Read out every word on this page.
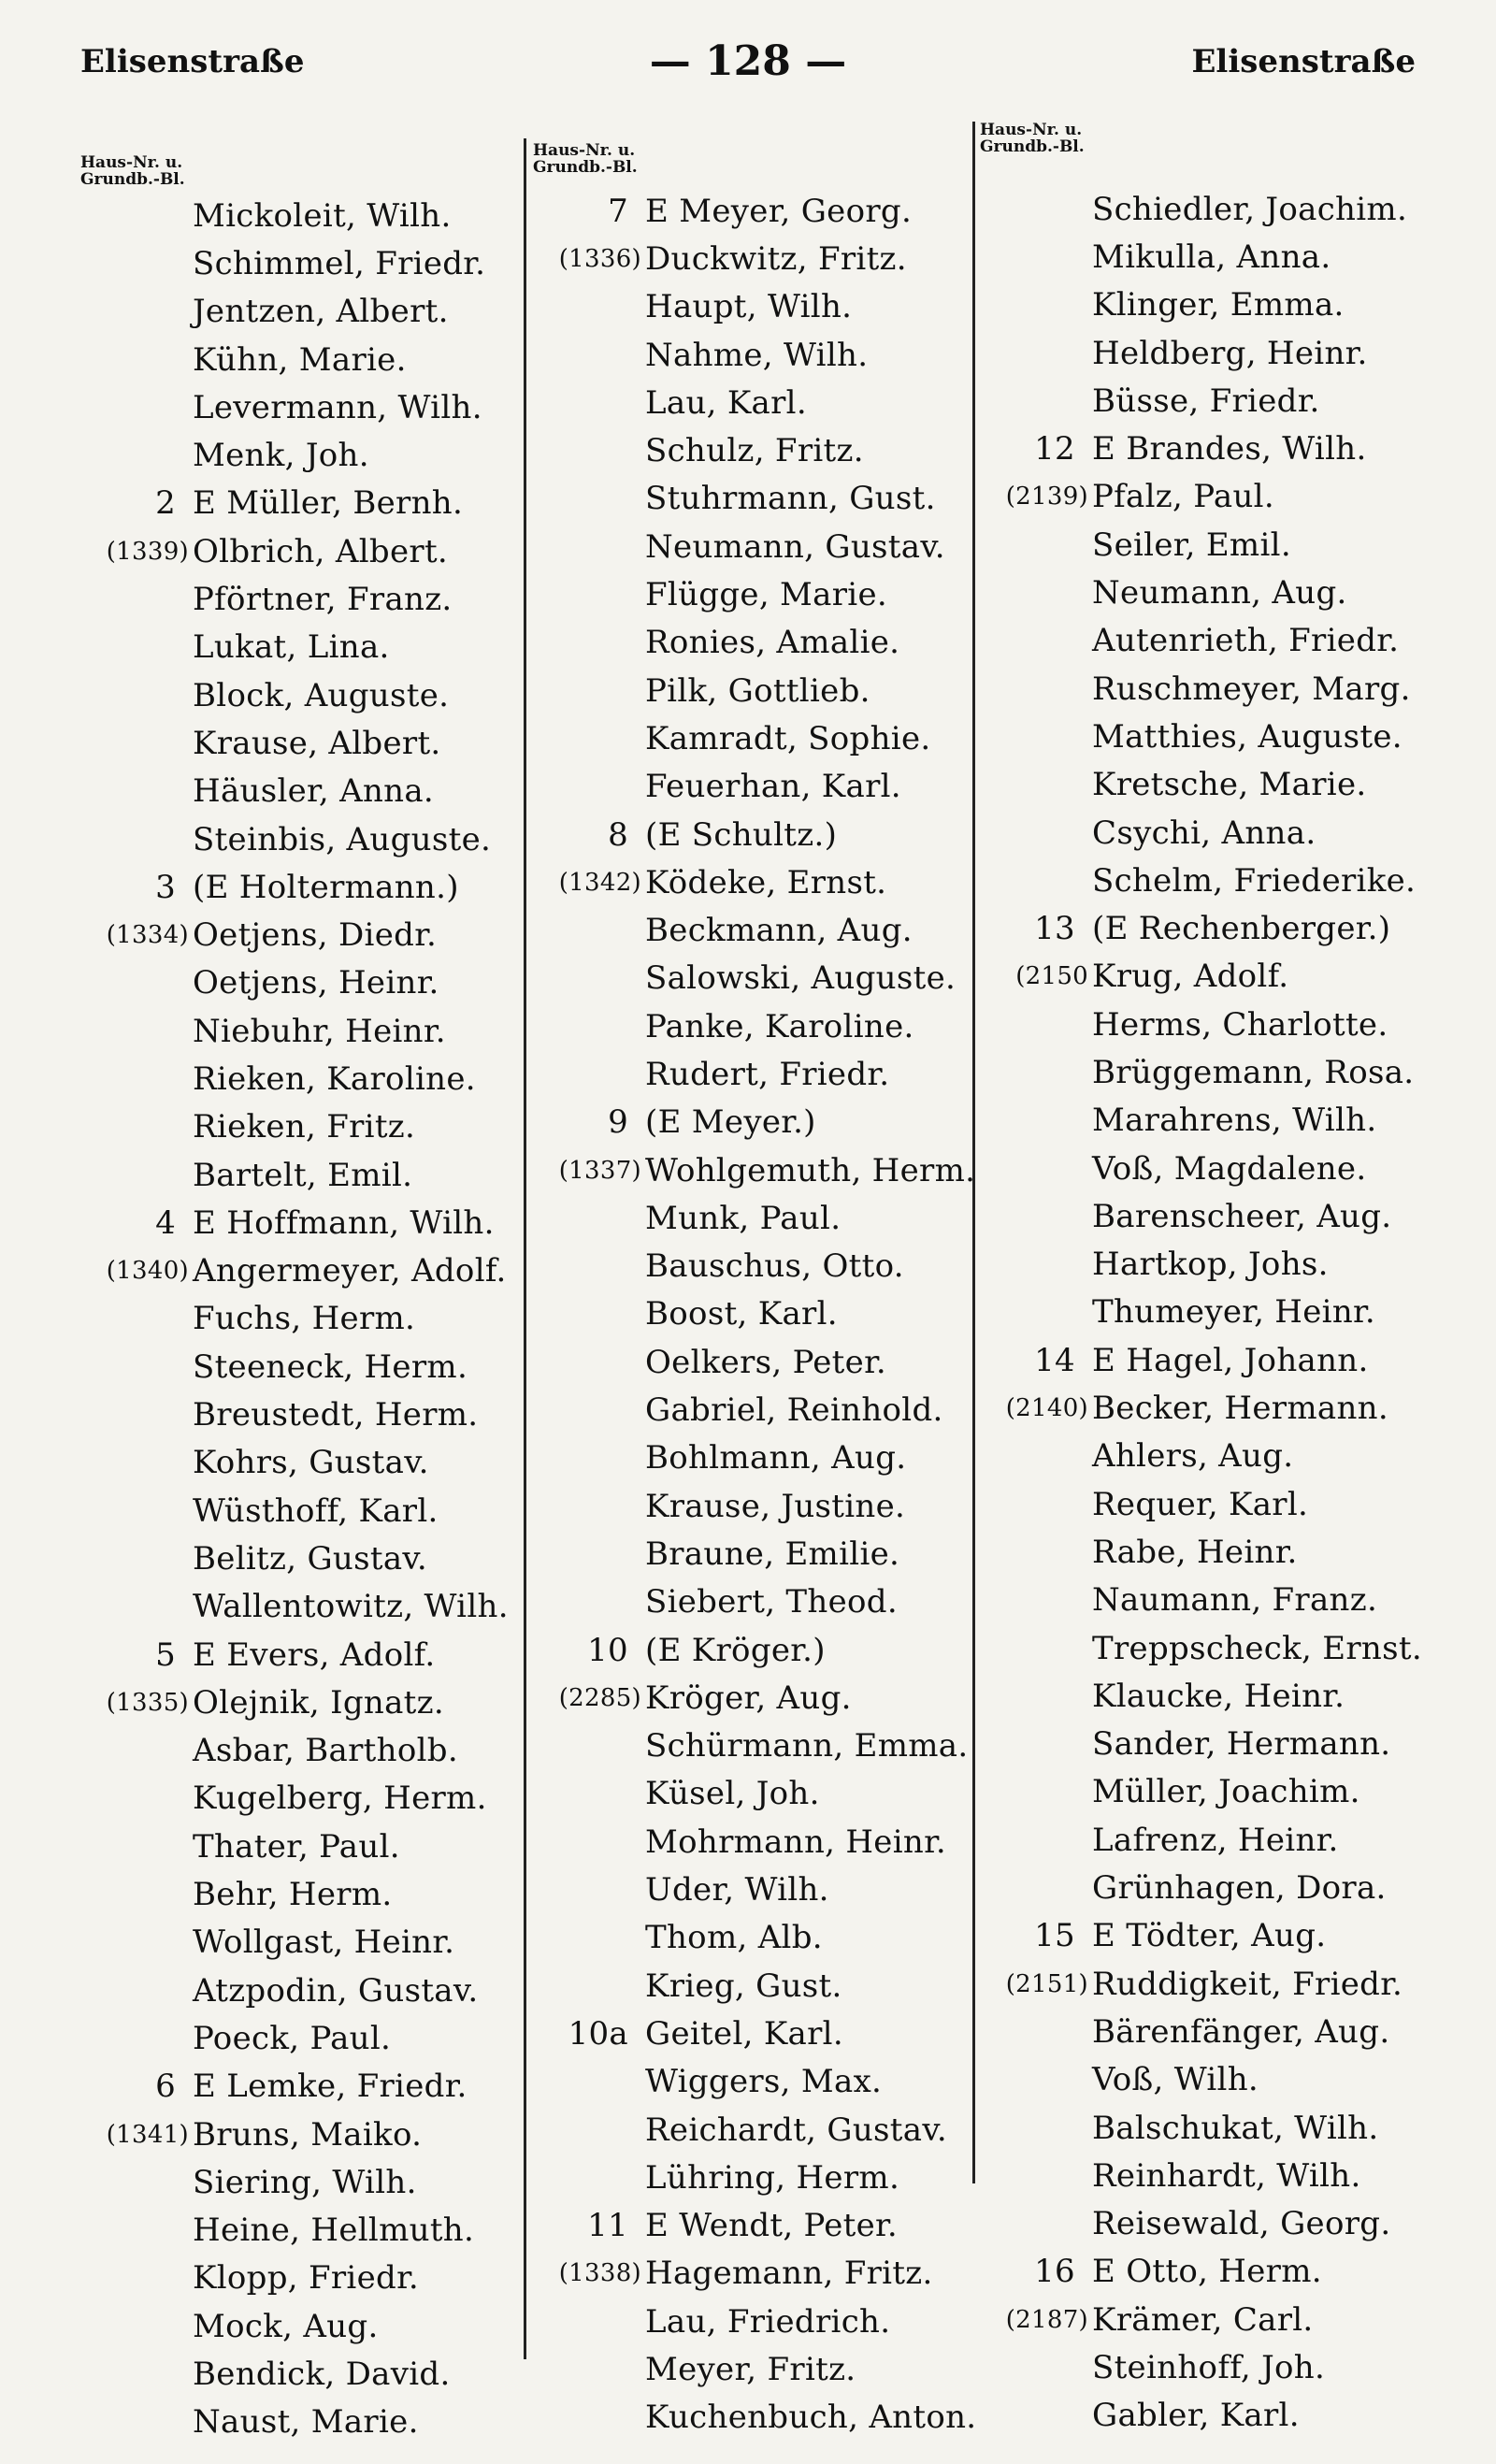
Elisenstraße	— 128 —	Elisenstraße
Haus-Nr. u.
Grundb.-Bl.
Haus-Nr. u.
Grundb.-Bl.
Haus-Nr. u.
Grundb.-Bl.
Mickoleit, Wilh.
Schimmel, Friedr.
Jentzen, Albert.
Kühn, Marie.
Levermann, Wilh.
Menk, Joh.
2 E Müller, Bernh.
(1339) Olbrich, Albert.
Pförtner, Franz.
Lukat, Lina.
Block, Auguste.
Krause, Albert.
Häusler, Anna.
Steinbis, Auguste.
3 (E Holtermann.)
(1334) Oetjens, Diedr.
Oetjens, Heinr.
Niebuhr, Heinr.
Rieken, Karoline.
Rieken, Fritz.
Bartelt, Emil.
4 E Hoffmann, Wilh.
(1340) Angermeyer, Adolf.
Fuchs, Herm.
Steeneck, Herm.
Breustedt, Herm.
Kohrs, Gustav.
Wüsthoff, Karl.
Belitz, Gustav.
Wallentowitz, Wilh.
5 E Evers, Adolf.
(1335) Olejnik, Ignatz.
Asbar, Bartholb.
Kugelberg, Herm.
Thater, Paul.
Behr, Herm.
Wollgast, Heinr.
Atzpodin, Gustav.
Poeck, Paul.
6 E Lemke, Friedr.
(1341) Bruns, Maiko.
Siering, Wilh.
Heine, Hellmuth.
Klopp, Friedr.
Mock, Aug.
Bendick, David.
Naust, Marie.
7 E Meyer, Georg.
(1336) Duckwitz, Fritz.
Haupt, Wilh.
Nahme, Wilh.
Lau, Karl.
Schulz, Fritz.
Stuhrmann, Gust.
Neumann, Gustav.
Flügge, Marie.
Ronies, Amalie.
Pilk, Gottlieb.
Kamradt, Sophie.
Feuerhan, Karl.
8 (E Schultz.)
(1342) Ködeke, Ernst.
Beckmann, Aug.
Salowski, Auguste.
Panke, Karoline.
Rudert, Friedr.
9 (E Meyer.)
(1337) Wohlgemuth, Herm.
Munk, Paul.
Bauschus, Otto.
Boost, Karl.
Oelkers, Peter.
Gabriel, Reinhold.
Bohlmann, Aug.
Krause, Justine.
Braune, Emilie.
Siebert, Theod.
10 (E Kröger.)
(2285) Kröger, Aug.
Schürmann, Emma.
Küsel, Joh.
Mohrmann, Heinr.
Uder, Wilh.
Thom, Alb.
Krieg, Gust.
10a Geitel, Karl.
Wiggers, Max.
Reichardt, Gustav.
Lühring, Herm.
11 E Wendt, Peter.
(1338) Hagemann, Fritz.
Lau, Friedrich.
Meyer, Fritz.
Kuchenbuch, Anton.
Schiedler, Joachim.
Mikulla, Anna.
Klinger, Emma.
Heldberg, Heinr.
Büsse, Friedr.
12 E Brandes, Wilh.
(2139) Pfalz, Paul.
Seiler, Emil.
Neumann, Aug.
Autenrieth, Friedr.
Ruschmeyer, Marg.
Matthies, Auguste.
Kretsche, Marie.
Csychi, Anna.
Schelm, Friederike.
13 (E Rechenberger.)
(2150 Krug, Adolf.
Herms, Charlotte.
Brüggemann, Rosa.
Marahrens, Wilh.
Voß, Magdalene.
Barenscheer, Aug.
Hartkop, Johs.
Thumeyer, Heinr.
14 E Hagel, Johann.
(2140) Becker, Hermann.
Ahlers, Aug.
Requer, Karl.
Rabe, Heinr.
Naumann, Franz.
Treppscheck, Ernst.
Klaucke, Heinr.
Sander, Hermann.
Müller, Joachim.
Lafrenz, Heinr.
Grünhagen, Dora.
15 E Tödter, Aug.
(2151) Ruddigkeit, Friedr.
Bärenfänger, Aug.
Voß, Wilh.
Balschukat, Wilh.
Reinhardt, Wilh.
Reisewald, Georg.
16 E Otto, Herm.
(2187) Krämer, Carl.
Steinhoff, Joh.
Gabler, Karl.
